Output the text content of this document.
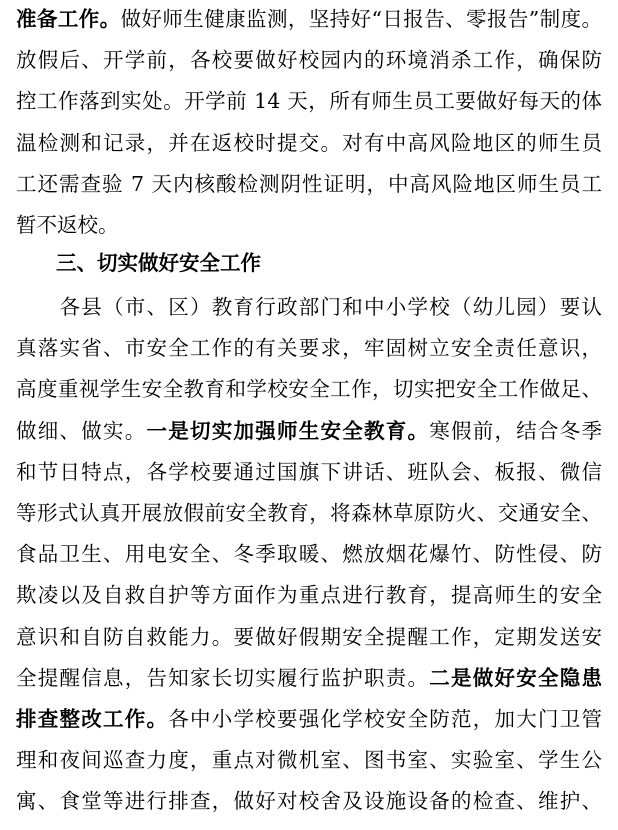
准备工作。做好师生健康监测，坚持好“日报告、零报告”制度。
放假后、开学前，各校要做好校园内的环境消杀工作，确保防
控工作落到实处。开学前 14 天，所有师生员工要做好每天的体
温检测和记录，并在返校时提交。对有中高风险地区的师生员
工还需查验 7 天内核酸检测阴性证明，中高风险地区师生员工
暂不返校。
三、切实做好安全工作
　　各县（市、区）教育行政部门和中小学校（幼儿园）要认
真落实省、市安全工作的有关要求，牢固树立安全责任意识，
高度重视学生安全教育和学校安全工作，切实把安全工作做足、
做细、做实。一是切实加强师生安全教育。寒假前，结合冬季
和节日特点，各学校要通过国旗下讲话、班队会、板报、微信
等形式认真开展放假前安全教育，将森林草原防火、交通安全、
食品卫生、用电安全、冬季取暖、燃放烟花爆竹、防性侵、防
欺凌以及自救自护等方面作为重点进行教育，提高师生的安全
意识和自防自救能力。要做好假期安全提醒工作，定期发送安
全提醒信息，告知家长切实履行监护职责。二是做好安全隐患
排查整改工作。各中小学校要强化学校安全防范，加大门卫管
理和夜间巡查力度，重点对微机室、图书室、实验室、学生公
寓、食堂等进行排查，做好对校舍及设施设备的检查、维护、
